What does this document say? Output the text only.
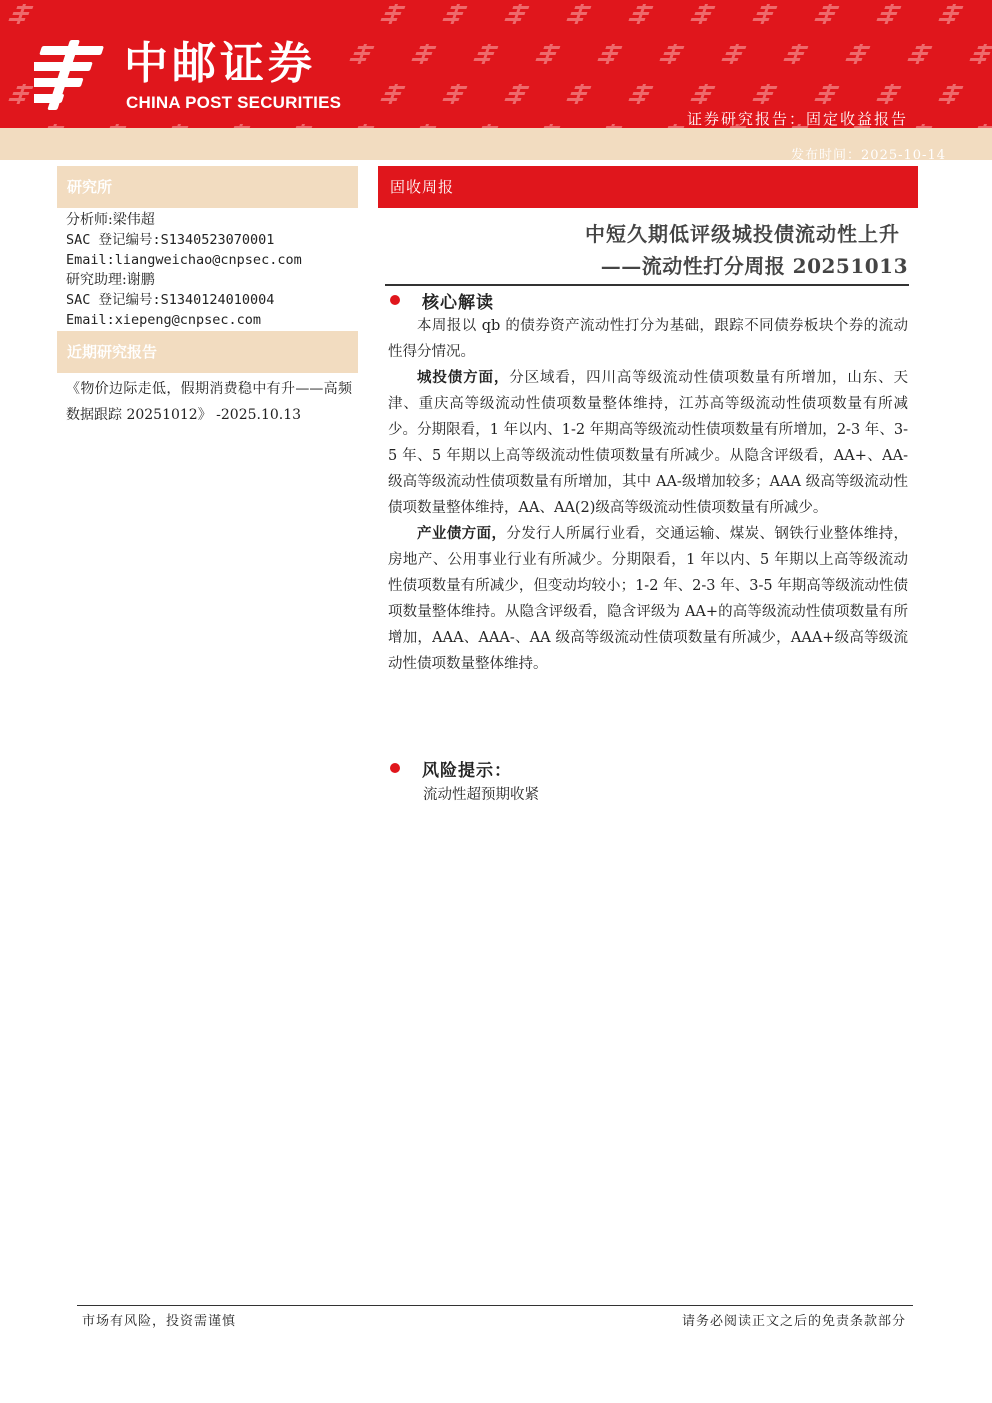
中邮证券
CHINA POST SECURITIES
证券研究报告：固定收益报告
发布时间：2025-10-14
研究所
分析师:梁伟超
SAC 登记编号:S1340523070001
Email:liangweichao@cnpsec.com
研究助理:谢鹏
SAC 登记编号:S1340124010004
Email:xiepeng@cnpsec.com
近期研究报告
《物价边际走低，假期消费稳中有升——高频数据跟踪 20251012》 -2025.10.13
固收周报
中短久期低评级城投债流动性上升
——流动性打分周报 20251013
核心解读

本周报以 qb 的债券资产流动性打分为基础，跟踪不同债券板块个券的流动性得分情况。

城投债方面，分区域看，四川高等级流动性债项数量有所增加，山东、天津、重庆高等级流动性债项数量整体维持，江苏高等级流动性债项数量有所减少。分期限看，1 年以内、1-2 年期高等级流动性债项数量有所增加，2-3 年、3-5 年、5 年期以上高等级流动性债项数量有所减少。从隐含评级看，AA+、AA-级高等级流动性债项数量有所增加，其中 AA-级增加较多；AAA 级高等级流动性债项数量整体维持，AA、AA(2)级高等级流动性债项数量有所减少。

产业债方面，分发行人所属行业看，交通运输、煤炭、钢铁行业整体维持，房地产、公用事业行业有所减少。分期限看，1 年以内、5 年期以上高等级流动性债项数量有所减少，但变动均较小；1-2 年、2-3 年、3-5 年期高等级流动性债项数量整体维持。从隐含评级看，隐含评级为 AA+的高等级流动性债项数量有所增加，AAA、AAA-、AA 级高等级流动性债项数量有所减少，AAA+级高等级流动性债项数量整体维持。

风险提示：
流动性超预期收紧
市场有风险，投资需谨慎	请务必阅读正文之后的免责条款部分
